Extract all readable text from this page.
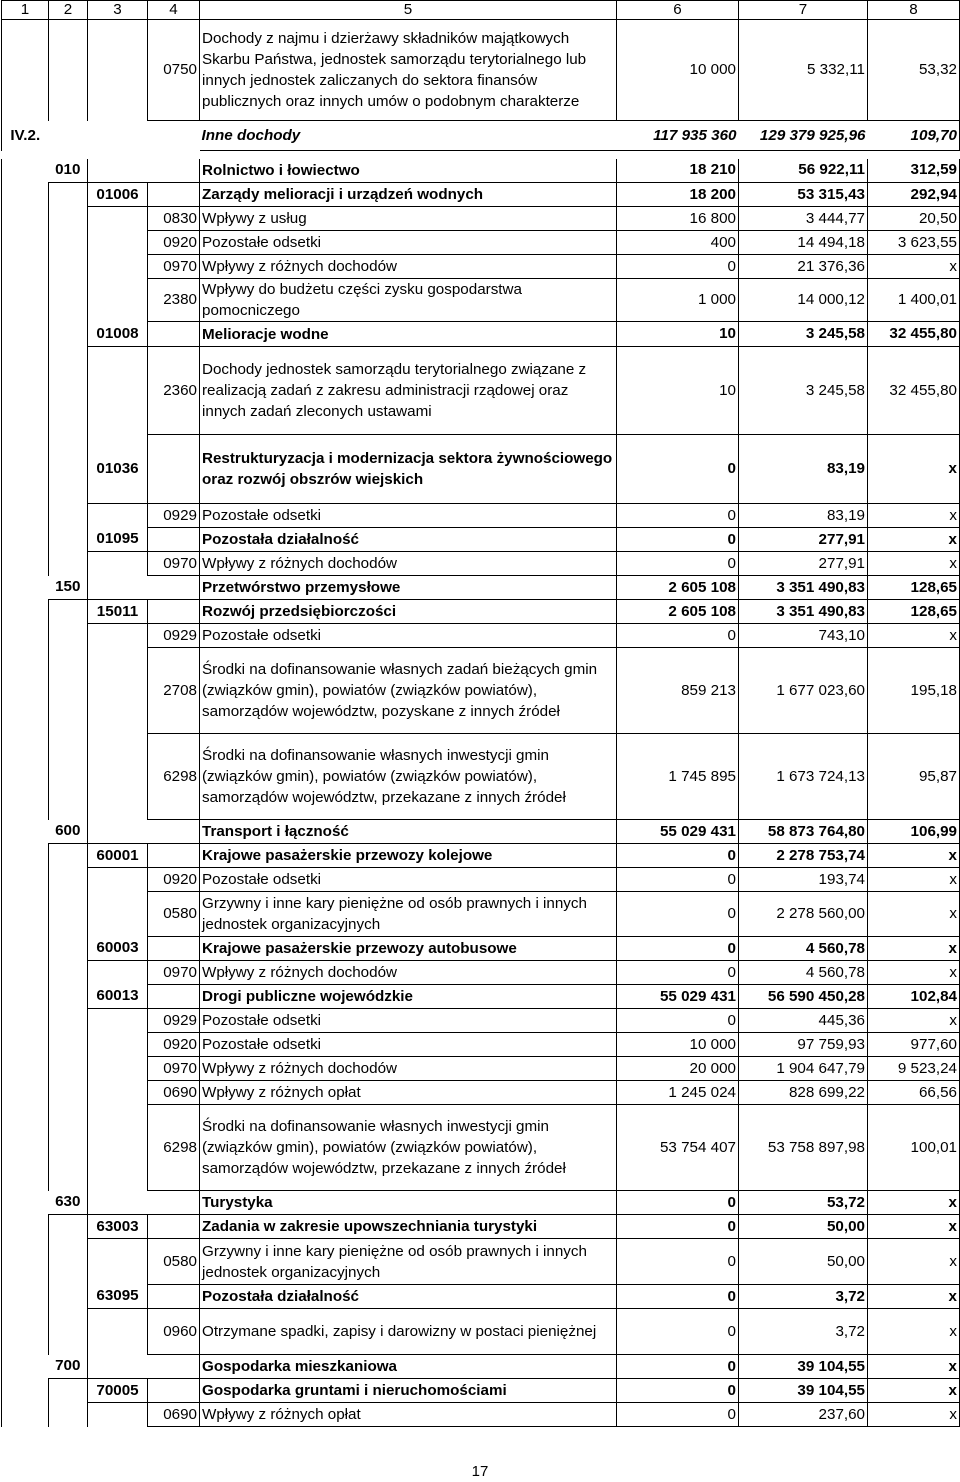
1	2	3	4	5	6	7	8
			0750	Dochody z najmu i dzierżawy składników majątkowych Skarbu Państwa, jednostek samorządu terytorialnego lub innych jednostek zaliczanych do sektora finansów publicznych oraz innych umów o podobnym charakterze	10 000	5 332,11	53,32
IV.2.				Inne dochody	117 935 360	129 379 925,96	109,70

	010			Rolnictwo i łowiectwo	18 210	56 922,11	312,59
		01006		Zarządy melioracji i urządzeń wodnych	18 200	53 315,43	292,94
			0830	Wpływy z usług	16 800	3 444,77	20,50
			0920	Pozostałe odsetki	400	14 494,18	3 623,55
			0970	Wpływy z różnych dochodów	0	21 376,36	x
			2380	Wpływy do budżetu części zysku gospodarstwa pomocniczego	1 000	14 000,12	1 400,01
		01008		Melioracje wodne	10	3 245,58	32 455,80
			2360	Dochody jednostek samorządu terytorialnego związane z realizacją zadań z zakresu administracji rządowej oraz innych zadań zleconych ustawami	10	3 245,58	32 455,80
		01036		Restrukturyzacja i modernizacja sektora żywnościowego oraz rozwój obszrów wiejskich	0	83,19	x
			0929	Pozostałe odsetki	0	83,19	x
		01095		Pozostała działalność	0	277,91	x
			0970	Wpływy z różnych dochodów	0	277,91	x
	150			Przetwórstwo przemysłowe	2 605 108	3 351 490,83	128,65
		15011		Rozwój przedsiębiorczości	2 605 108	3 351 490,83	128,65
			0929	Pozostałe odsetki	0	743,10	x
			2708	Środki na dofinansowanie własnych zadań bieżących gmin (związków gmin), powiatów (związków powiatów), samorządów województw, pozyskane z innych źródeł	859 213	1 677 023,60	195,18
			6298	Środki na dofinansowanie własnych inwestycji gmin (związków gmin), powiatów (związków powiatów), samorządów województw, przekazane z innych źródeł	1 745 895	1 673 724,13	95,87
	600			Transport i łączność	55 029 431	58 873 764,80	106,99
		60001		Krajowe pasażerskie przewozy kolejowe	0	2 278 753,74	x
			0920	Pozostałe odsetki	0	193,74	x
			0580	Grzywny i inne kary pieniężne od osób prawnych i innych jednostek organizacyjnych	0	2 278 560,00	x
		60003		Krajowe pasażerskie przewozy autobusowe	0	4 560,78	x
			0970	Wpływy z różnych dochodów	0	4 560,78	x
		60013		Drogi publiczne wojewódzkie	55 029 431	56 590 450,28	102,84
			0929	Pozostałe odsetki	0	445,36	x
			0920	Pozostałe odsetki	10 000	97 759,93	977,60
			0970	Wpływy z różnych dochodów	20 000	1 904 647,79	9 523,24
			0690	Wpływy z różnych opłat	1 245 024	828 699,22	66,56
			6298	Środki na dofinansowanie własnych inwestycji gmin (związków gmin), powiatów (związków powiatów), samorządów województw, przekazane z innych źródeł	53 754 407	53 758 897,98	100,01
	630			Turystyka	0	53,72	x
		63003		Zadania w zakresie upowszechniania turystyki	0	50,00	x
			0580	Grzywny i inne kary pieniężne od osób prawnych i innych jednostek organizacyjnych	0	50,00	x
		63095		Pozostała działalność	0	3,72	x
			0960	Otrzymane spadki, zapisy i darowizny w postaci pieniężnej	0	3,72	x
	700			Gospodarka mieszkaniowa	0	39 104,55	x
		70005		Gospodarka gruntami i nieruchomościami	0	39 104,55	x
			0690	Wpływy z różnych opłat	0	237,60	x
17
